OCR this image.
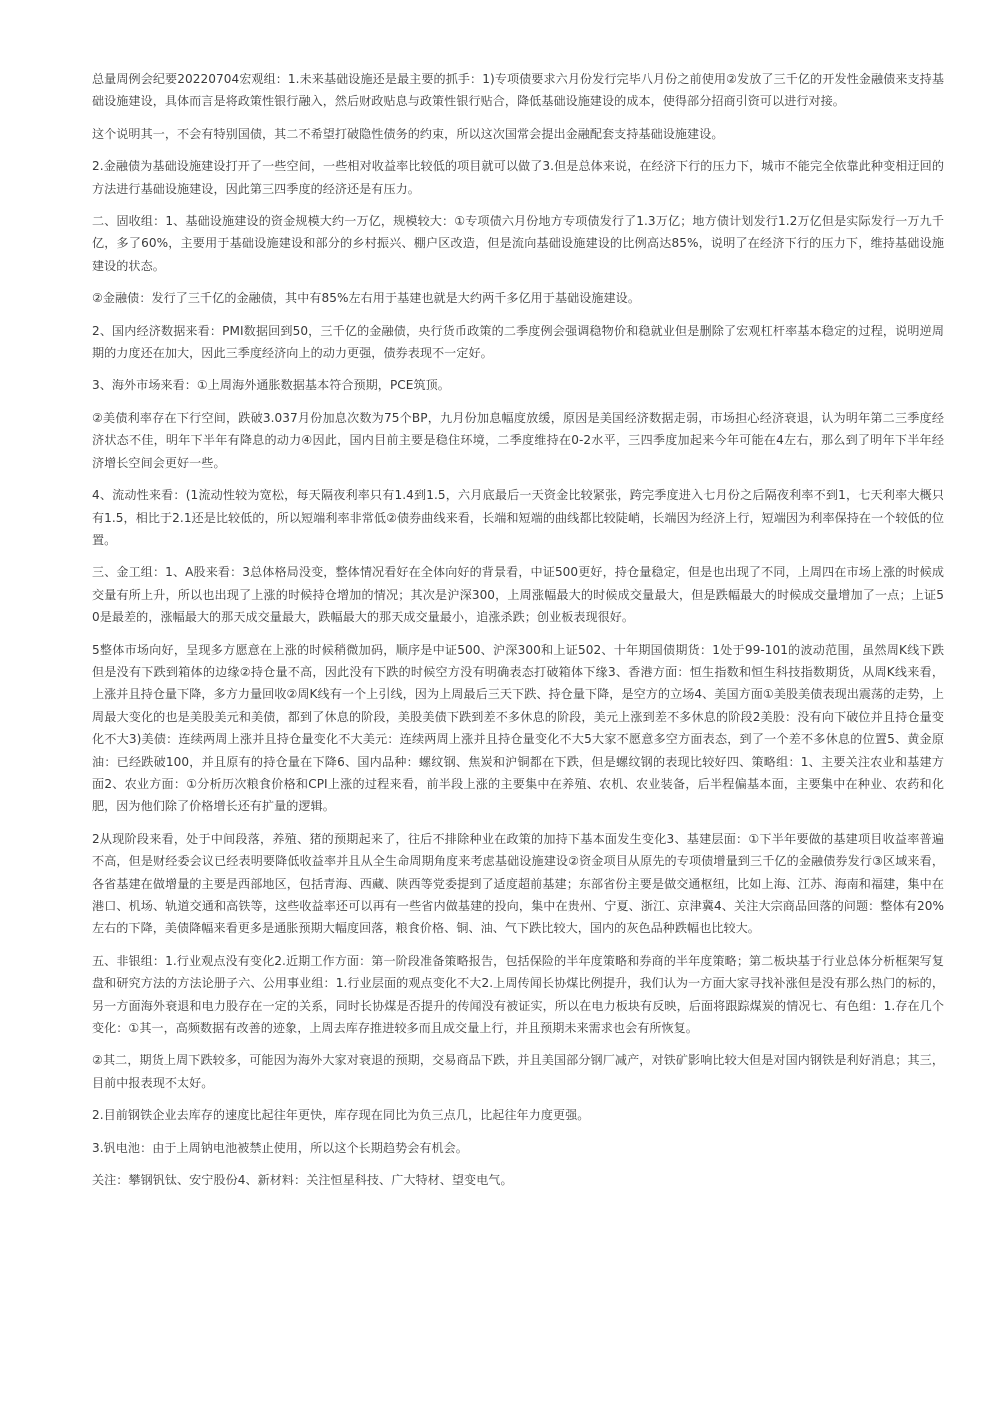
总量周例会纪要20220704宏观组：1.未来基础设施还是最主要的抓手：1)专项债要求六月份发行完毕八月份之前使用②发放了三千亿的开发性金融债来支持基础设施建设，具体而言是将政策性银行融入，然后财政贴息与政策性银行贴合，降低基础设施建设的成本，使得部分招商引资可以进行对接。

这个说明其一，不会有特别国债，其二不希望打破隐性债务的约束，所以这次国常会提出金融配套支持基础设施建设。

2.金融债为基础设施建设打开了一些空间，一些相对收益率比较低的项目就可以做了3.但是总体来说，在经济下行的压力下，城市不能完全依靠此种变相迂回的方法进行基础设施建设，因此第三四季度的经济还是有压力。

二、固收组：1、基础设施建设的资金规模大约一万亿，规模较大：①专项债六月份地方专项债发行了1.3万亿；地方债计划发行1.2万亿但是实际发行一万九千亿，多了60%，主要用于基础设施建设和部分的乡村振兴、棚户区改造，但是流向基础设施建设的比例高达85%，说明了在经济下行的压力下，维持基础设施建设的状态。

②金融债：发行了三千亿的金融债，其中有85%左右用于基建也就是大约两千多亿用于基础设施建设。

2、国内经济数据来看：PMI数据回到50，三千亿的金融债，央行货币政策的二季度例会强调稳物价和稳就业但是删除了宏观杠杆率基本稳定的过程，说明逆周期的力度还在加大，因此三季度经济向上的动力更强，债券表现不一定好。

3、海外市场来看：①上周海外通胀数据基本符合预期，PCE筑顶。

②美债利率存在下行空间，跌破3.037月份加息次数为75个BP，九月份加息幅度放缓，原因是美国经济数据走弱，市场担心经济衰退，认为明年第二三季度经济状态不佳，明年下半年有降息的动力④因此，国内目前主要是稳住环境，二季度维持在0-2水平，三四季度加起来今年可能在4左右，那么到了明年下半年经济增长空间会更好一些。

4、流动性来看：(1流动性较为宽松，每天隔夜利率只有1.4到1.5，六月底最后一天资金比较紧张，跨完季度进入七月份之后隔夜利率不到1，七天利率大概只有1.5，相比于2.1还是比较低的，所以短端利率非常低②债券曲线来看，长端和短端的曲线都比较陡峭，长端因为经济上行，短端因为利率保持在一个较低的位置。

三、金工组：1、A股来看：3总体格局没变，整体情况看好在全体向好的背景看，中证500更好，持仓量稳定，但是也出现了不同，上周四在市场上涨的时候成交量有所上升，所以也出现了上涨的时候持仓增加的情况；其次是沪深300，上周涨幅最大的时候成交量最大，但是跌幅最大的时候成交量增加了一点；上证50是最差的，涨幅最大的那天成交量最大，跌幅最大的那天成交量最小，追涨杀跌；创业板表现很好。

5整体市场向好，呈现多方愿意在上涨的时候稍微加码，顺序是中证500、沪深300和上证502、十年期国债期货：1处于99-101的波动范围，虽然周K线下跌但是没有下跌到箱体的边缘②持仓量不高，因此没有下跌的时候空方没有明确表态打破箱体下缘3、香港方面：恒生指数和恒生科技指数期货，从周K线来看，上涨并且持仓量下降，多方力量回收②周K线有一个上引线，因为上周最后三天下跌、持仓量下降，是空方的立场4、美国方面①美股美债表现出震荡的走势，上周最大变化的也是美股美元和美债，都到了休息的阶段，美股美债下跌到差不多休息的阶段，美元上涨到差不多休息的阶段2美股：没有向下破位并且持仓量变化不大3)美债：连续两周上涨并且持仓量变化不大美元：连续两周上涨并且持仓量变化不大5大家不愿意多空方面表态，到了一个差不多休息的位置5、黄金原油：已经跌破100，并且原有的持仓量在下降6、国内品种：螺纹钢、焦炭和沪铜都在下跌，但是螺纹钢的表现比较好四、策略组：1、主要关注农业和基建方面2、农业方面：①分析历次粮食价格和CPI上涨的过程来看，前半段上涨的主要集中在养殖、农机、农业装备，后半程偏基本面，主要集中在种业、农药和化肥，因为他们除了价格增长还有扩量的逻辑。

2从现阶段来看，处于中间段落，养殖、猪的预期起来了，往后不排除种业在政策的加持下基本面发生变化3、基建层面：①下半年要做的基建项目收益率普遍不高，但是财经委会议已经表明要降低收益率并且从全生命周期角度来考虑基础设施建设②资金项目从原先的专项债增量到三千亿的金融债券发行③区域来看，各省基建在做增量的主要是西部地区，包括青海、西藏、陕西等党委提到了适度超前基建；东部省份主要是做交通枢纽，比如上海、江苏、海南和福建，集中在港口、机场、轨道交通和高铁等，这些收益率还可以再有一些省内做基建的投向，集中在贵州、宁夏、浙江、京津冀4、关注大宗商品回落的问题：整体有20%左右的下降，美债降幅来看更多是通胀预期大幅度回落，粮食价格、铜、油、气下跌比较大，国内的灰色品种跌幅也比较大。

五、非银组：1.行业观点没有变化2.近期工作方面：第一阶段准备策略报告，包括保险的半年度策略和券商的半年度策略；第二板块基于行业总体分析框架写复盘和研究方法的方法论册子六、公用事业组：1.行业层面的观点变化不大2.上周传闻长协煤比例提升，我们认为一方面大家寻找补涨但是没有那么热门的标的，另一方面海外衰退和电力股存在一定的关系，同时长协煤是否提升的传闻没有被证实，所以在电力板块有反映，后面将跟踪煤炭的情况七、有色组：1.存在几个变化：①其一，高频数据有改善的迹象，上周去库存推进较多而且成交量上行，并且预期未来需求也会有所恢复。

②其二，期货上周下跌较多，可能因为海外大家对衰退的预期，交易商品下跌，并且美国部分钢厂减产，对铁矿影响比较大但是对国内钢铁是利好消息；其三，目前中报表现不太好。

2.目前钢铁企业去库存的速度比起往年更快，库存现在同比为负三点几，比起往年力度更强。

3.钒电池：由于上周钠电池被禁止使用，所以这个长期趋势会有机会。

关注：攀钢钒钛、安宁股份4、新材料：关注恒星科技、广大特材、望变电气。
